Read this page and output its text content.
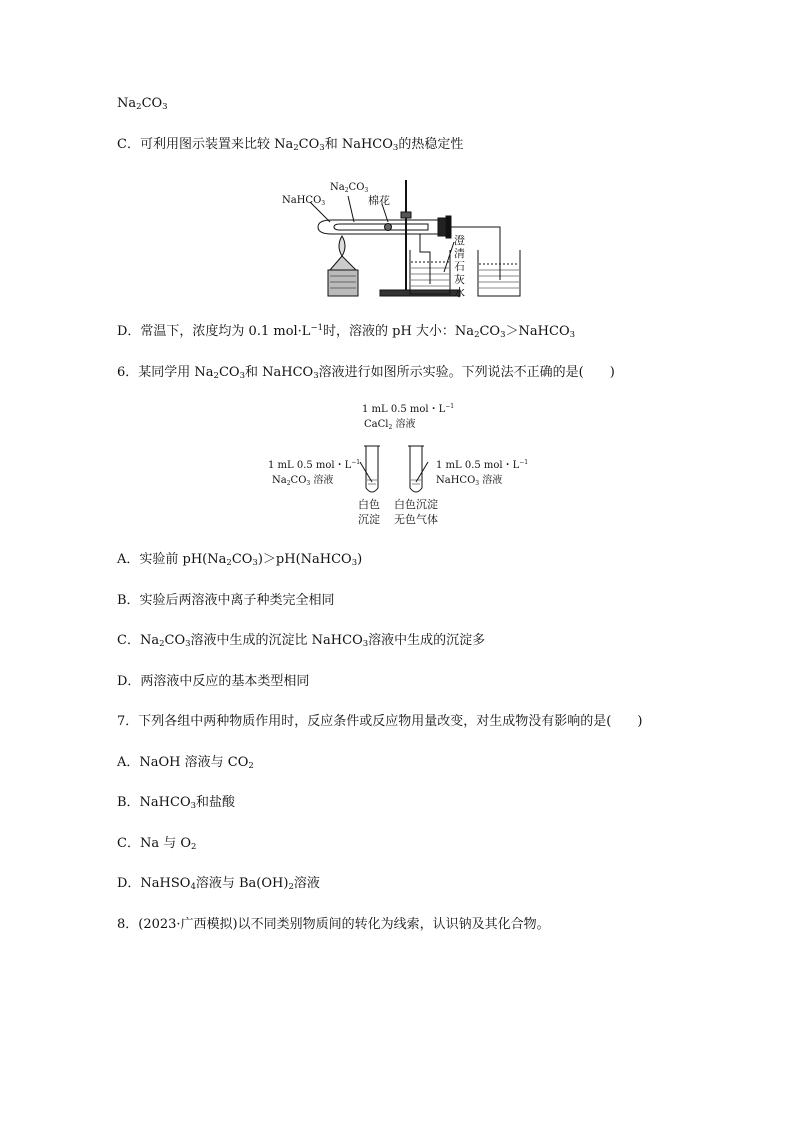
$Na_2CO_3$
C．可利用图示装置来比较 $Na_2CO_3$和 NaHCO$_3$的热稳定性
NaHCO$_3$
$Na_2CO_3$
棉花
澄
清
石
灰
水
D．常温下，浓度均为 0.1 $mol\cdot L^{-1}$时，溶液的 pH 大小：$Na_2CO_3>NaHCO_3$
6．某同学用 $Na_2CO_3$和 NaHCO$_3$溶液进行如图所示实验。下列说法不正确的是(　　)
1 mL 0.5 mol・$L^{-1}$
CaCl$_2$ 溶液
1 mL 0.5 mol・$L^{-1}$
$Na_2CO_3$ 溶液
1 mL 0.5 mol・$L^{-1}$
NaHCO$_3$ 溶液
白色
沉淀
白色沉淀
无色气体
A．实验前 $pH(Na_2CO_3)>pH(NaHCO_3)$
B．实验后两溶液中离子种类完全相同
C．$Na_2CO_3$溶液中生成的沉淀比 NaHCO$_3$溶液中生成的沉淀多
D．两溶液中反应的基本类型相同
7．下列各组中两种物质作用时，反应条件或反应物用量改变，对生成物没有影响的是(　　)
A．NaOH 溶液与 $CO_2$
B．NaHCO$_3$和盐酸
C．Na 与 $O_2$
D．NaHSO$_4$溶液与 $Ba(OH)_2$溶液
8．(2023·广西模拟)以不同类别物质间的转化为线索，认识钠及其化合物。
